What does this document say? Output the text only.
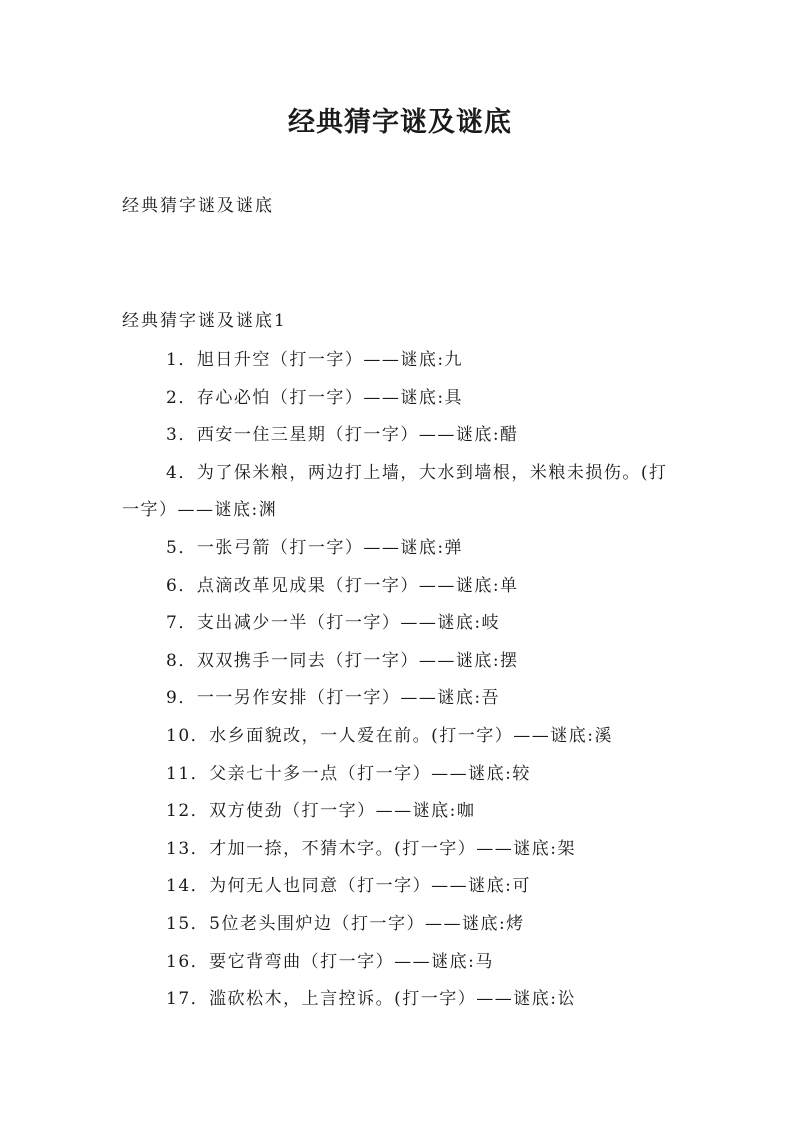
经典猜字谜及谜底

经典猜字谜及谜底

经典猜字谜及谜底1

1．旭日升空（打一字）——谜底:九
2．存心必怕（打一字）——谜底:具
3．西安一住三星期（打一字）——谜底:醋
4．为了保米粮，两边打上墙，大水到墙根，米粮未损伤。(打一字）——谜底:渊
5．一张弓箭（打一字）——谜底:弹
6．点滴改革见成果（打一字）——谜底:单
7．支出减少一半（打一字）——谜底:岐
8．双双携手一同去（打一字）——谜底:摆
9．一一另作安排（打一字）——谜底:吾
10．水乡面貌改，一人爱在前。(打一字）——谜底:溪
11．父亲七十多一点（打一字）——谜底:较
12．双方使劲（打一字）——谜底:咖
13．才加一捺，不猜木字。(打一字）——谜底:架
14．为何无人也同意（打一字）——谜底:可
15．5位老头围炉边（打一字）——谜底:烤
16．要它背弯曲（打一字）——谜底:马
17．滥砍松木，上言控诉。(打一字）——谜底:讼
